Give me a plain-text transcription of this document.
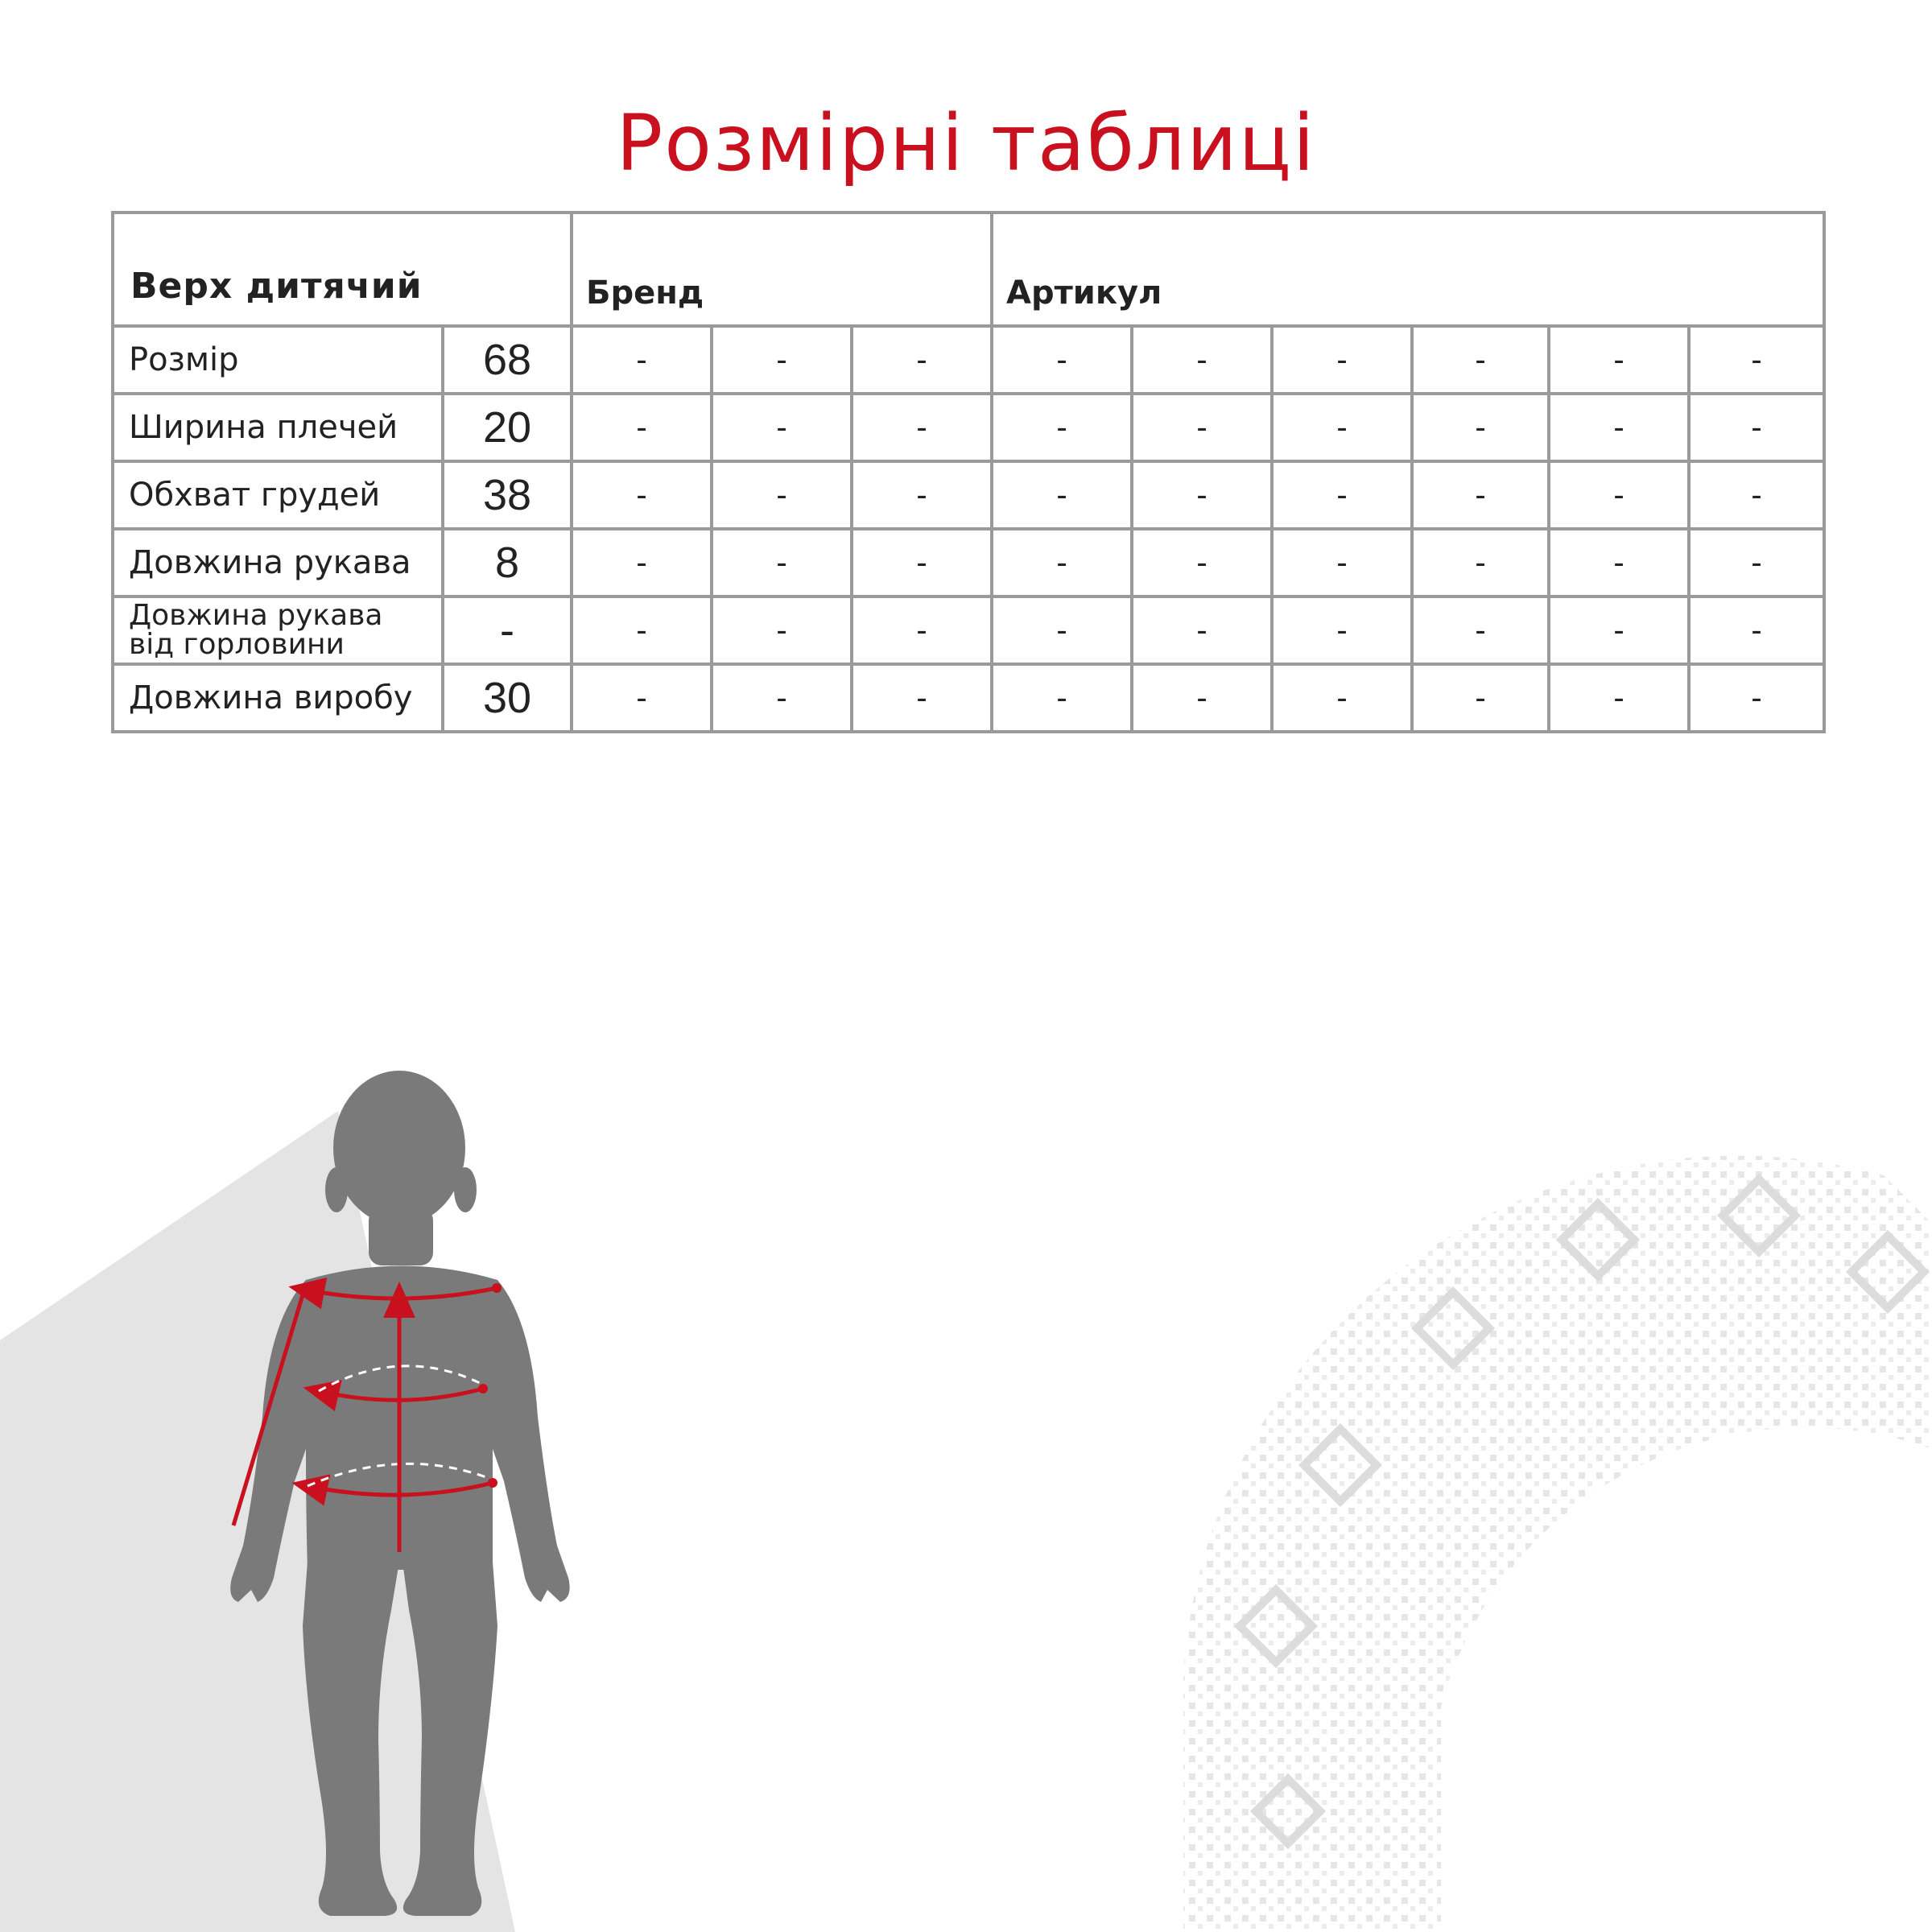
Розмірні таблиці
Верх дитячий		Бренд			Артикул					
Розмір	68	-	-	-	-	-	-	-	-	-
Ширина плечей	20	-	-	-	-	-	-	-	-	-
Обхват грудей	38	-	-	-	-	-	-	-	-	-
Довжина рукава	8	-	-	-	-	-	-	-	-	-
Довжина рукава
від горловини	-	-	-	-	-	-	-	-	-	-
Довжина виробу	30	-	-	-	-	-	-	-	-	-
